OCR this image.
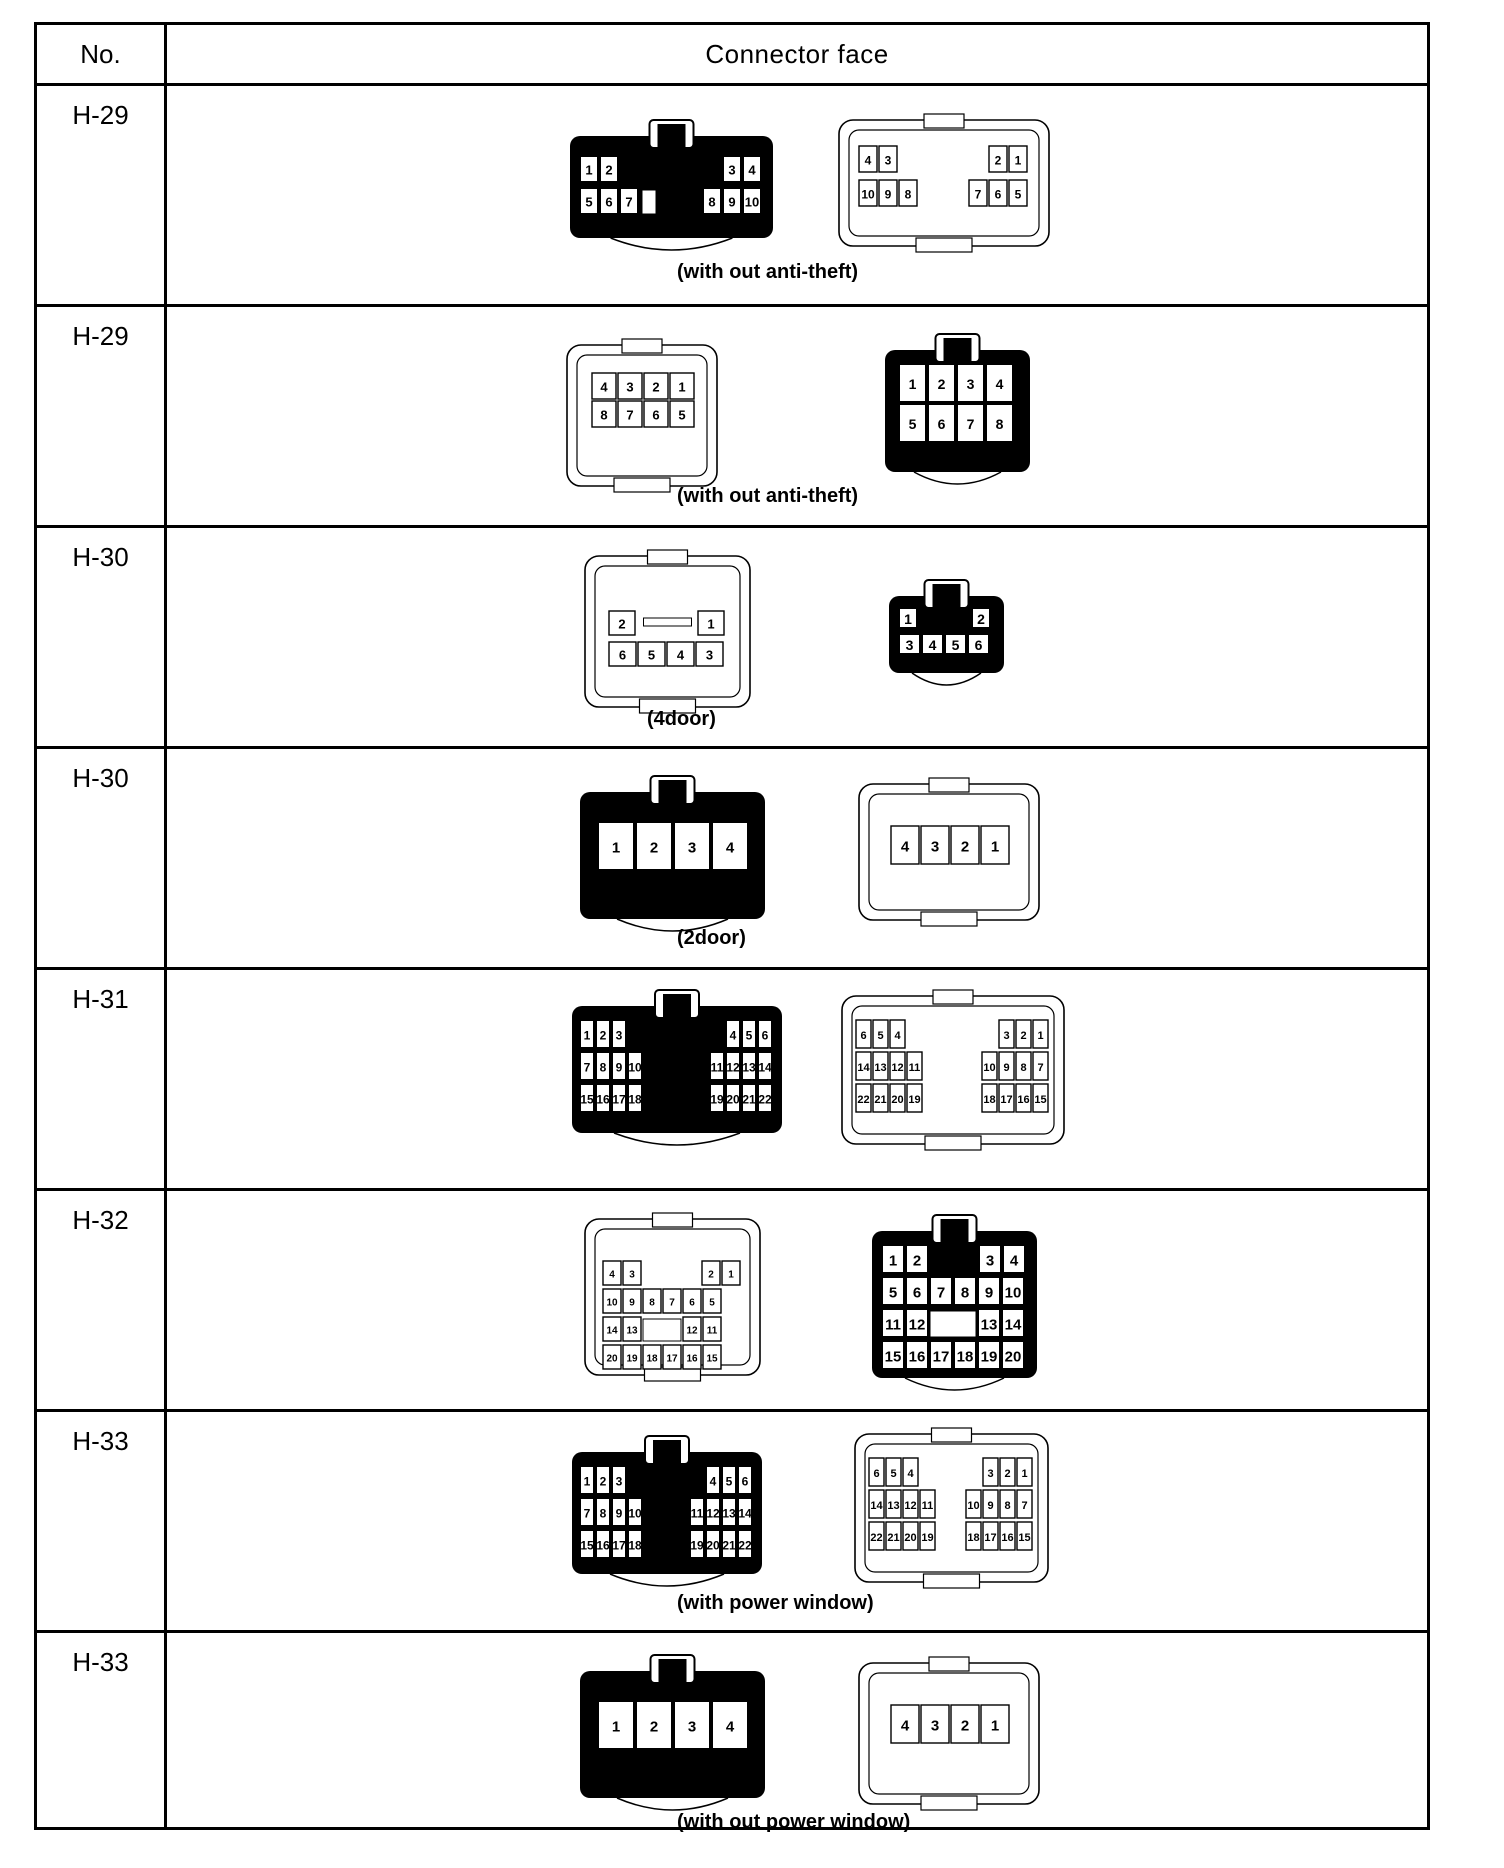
No.	Connector face
H-29
1 2	3 4
5 6 7	8 9 10
4 3	2 1
10 9 8	7 6 5
(with out anti-theft)
H-29
4 3 2 1
8 7 6 5
1 2 3 4
5 6 7 8
(with out anti-theft)
H-30
2	1
6 5 4 3
1	2
3 4 5 6
(4door)
H-30
1 2 3 4	4 3 2 1
(2door)
H-31
1 2 3	4 5 6
7 8 9 10	11 12 13 14
15 16 17 18	19 20 21 22
6 5 4	3 2 1
14 13 12 11	10 9 8 7
22 21 20 19	18 17 16 15
H-32
4 3	2 1
10 9 8 7 6 5
14 13	12 11
20 19 18 17 16 15
1 2	3 4
5 6 7 8 9 10
11 12	13 14
15 16 17 18 19 20
H-33
1 2 3	4 5 6
7 8 9 10	11 12 13 14
15 16 17 18	19 20 21 22
6 5 4	3 2 1
14 13 12 11	10 9 8 7
22 21 20 19	18 17 16 15
(with power window)
H-33
1 2 3 4	4 3 2 1
(with out power window)
